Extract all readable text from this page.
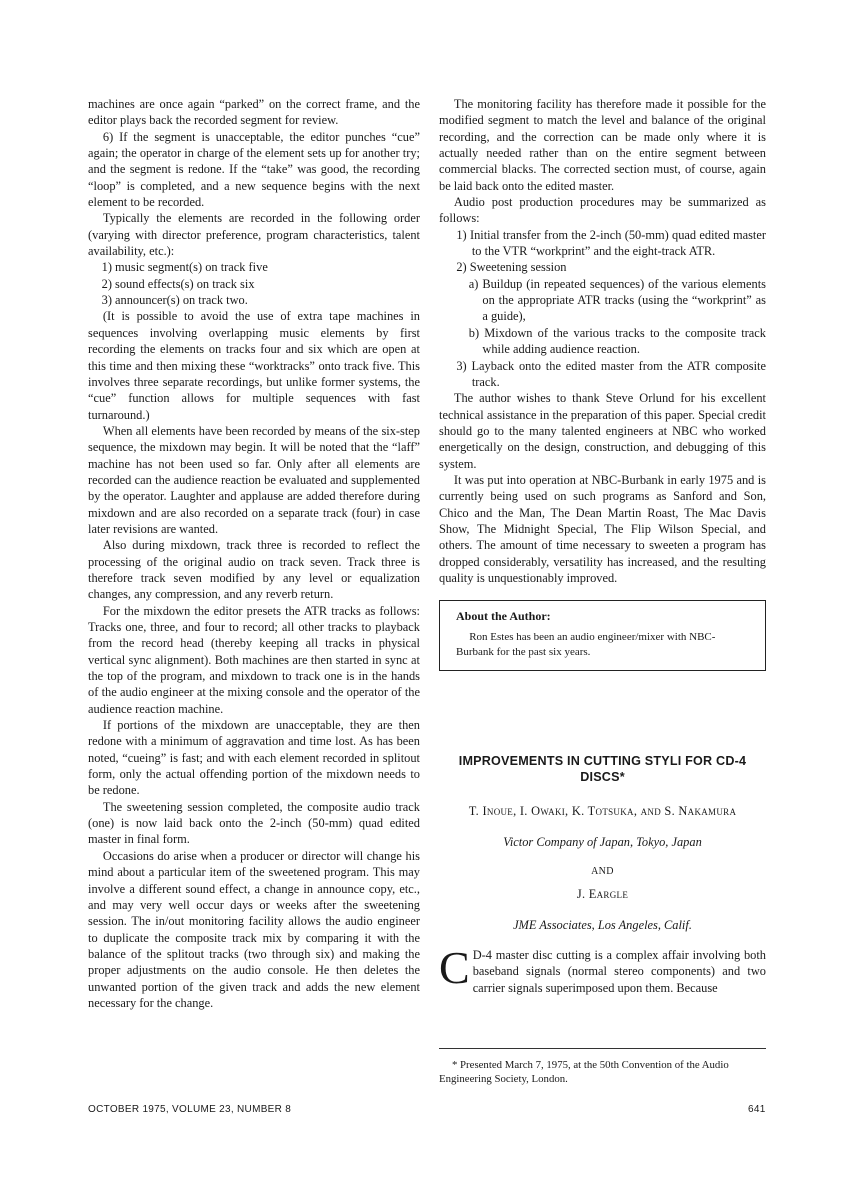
machines are once again “parked” on the correct frame, and the editor plays back the recorded segment for review.

6) If the segment is unacceptable, the editor punches “cue” again; the operator in charge of the element sets up for another try; and the segment is redone. If the “take” was good, the recording “loop” is completed, and a new sequence begins with the next element to be recorded.

Typically the elements are recorded in the following order (varying with director preference, program characteristics, talent availability, etc.):

1) music segment(s) on track five

2) sound effects(s) on track six

3) announcer(s) on track two.

(It is possible to avoid the use of extra tape machines in sequences involving overlapping music elements by first recording the elements on tracks four and six which are open at this time and then mixing these “worktracks” onto track five. This involves three separate recordings, but unlike former systems, the “cue” function allows for multiple sequences with fast turnaround.)

When all elements have been recorded by means of the six-step sequence, the mixdown may begin. It will be noted that the “laff” machine has not been used so far. Only after all elements are recorded can the audience reaction be evaluated and supplemented by the operator. Laughter and applause are added therefore during mixdown and are also recorded on a separate track (four) in case later revisions are wanted.

Also during mixdown, track three is recorded to reflect the processing of the original audio on track seven. Track three is therefore track seven modified by any level or equalization changes, any compression, and any reverb return.

For the mixdown the editor presets the ATR tracks as follows: Tracks one, three, and four to record; all other tracks to playback from the record head (thereby keeping all tracks in physical vertical sync alignment). Both machines are then started in sync at the top of the program, and mixdown to track one is in the hands of the audio engineer at the mixing console and the operator of the audience reaction machine.

If portions of the mixdown are unacceptable, they are then redone with a minimum of aggravation and time lost. As has been noted, “cueing” is fast; and with each element recorded in splitout form, only the actual offending portion of the mixdown needs to be redone.

The sweetening session completed, the composite audio track (one) is now laid back onto the 2-inch (50-mm) quad edited master in final form.

Occasions do arise when a producer or director will change his mind about a particular item of the sweetened program. This may involve a different sound effect, a change in announce copy, etc., and may very well occur days or weeks after the sweetening session. The in/out monitoring facility allows the audio engineer to duplicate the composite track mix by comparing it with the balance of the splitout tracks (two through six) and making the proper adjustments on the audio console. He then deletes the unwanted portion of the given track and adds the new element necessary for the change.

The monitoring facility has therefore made it possible for the modified segment to match the level and balance of the original recording, and the correction can be made only where it is actually needed rather than on the entire segment between commercial blacks. The corrected section must, of course, again be laid back onto the edited master.

Audio post production procedures may be summarized as follows:

1) Initial transfer from the 2-inch (50-mm) quad edited master to the VTR “workprint” and the eight-track ATR.

2) Sweetening session

a) Buildup (in repeated sequences) of the various elements on the appropriate ATR tracks (using the “workprint” as a guide),

b) Mixdown of the various tracks to the composite track while adding audience reaction.

3) Layback onto the edited master from the ATR composite track.

The author wishes to thank Steve Orlund for his excellent technical assistance in the preparation of this paper. Special credit should go to the many talented engineers at NBC who worked energetically on the design, construction, and debugging of this system.

It was put into operation at NBC-Burbank in early 1975 and is currently being used on such programs as Sanford and Son, Chico and the Man, The Dean Martin Roast, The Mac Davis Show, The Midnight Special, The Flip Wilson Special, and others. The amount of time necessary to sweeten a program has dropped considerably, versatility has increased, and the resulting quality is unquestionably improved.

About the Author:
Ron Estes has been an audio engineer/mixer with NBC-Burbank for the past six years.
IMPROVEMENTS IN CUTTING STYLI FOR CD-4 DISCS*
T. Inoue, I. Owaki, K. Totsuka, and S. Nakamura
Victor Company of Japan, Tokyo, Japan
AND
J. Eargle
JME Associates, Los Angeles, Calif.
C D-4 master disc cutting is a complex affair involving both baseband signals (normal stereo components) and two carrier signals superimposed upon them. Because

* Presented March 7, 1975, at the 50th Convention of the Audio Engineering Society, London.

OCTOBER 1975, VOLUME 23, NUMBER 8	641
